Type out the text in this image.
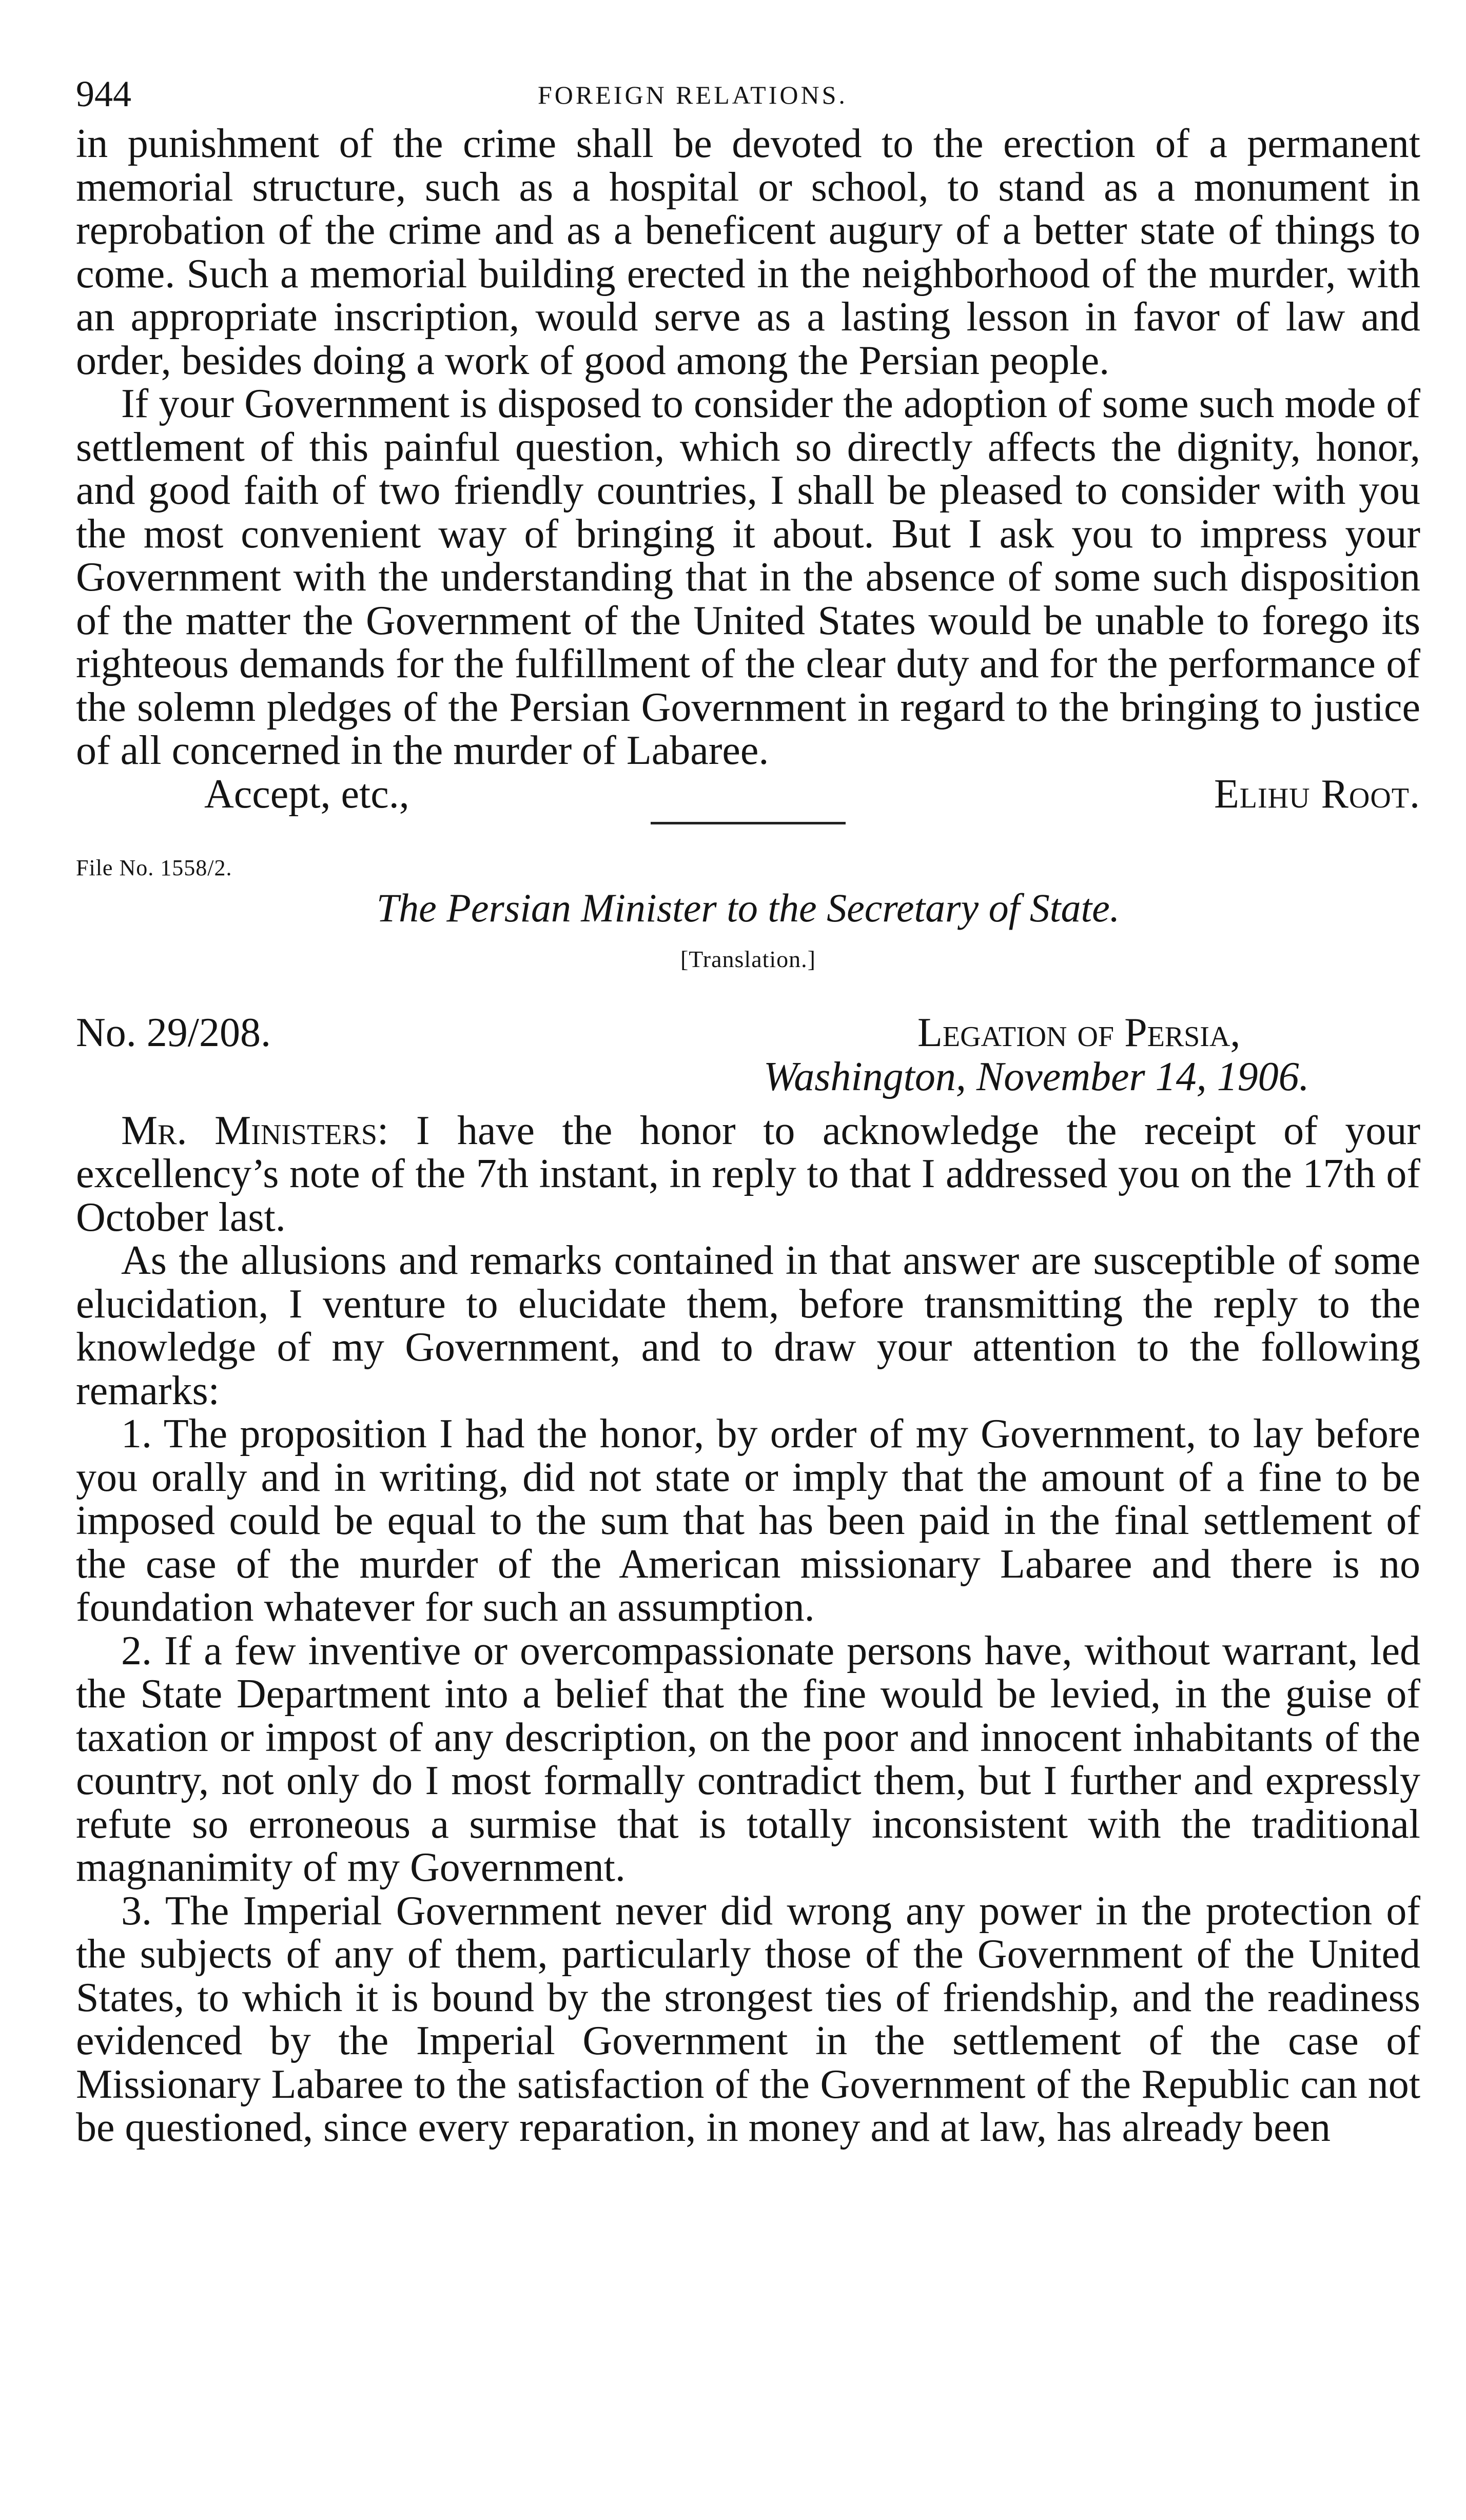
944	FOREIGN RELATIONS.

in punishment of the crime shall be devoted to the erection of a permanent memorial structure, such as a hospital or school, to stand as a monument in reprobation of the crime and as a beneficent augury of a better state of things to come. Such a memorial building erected in the neighborhood of the murder, with an appropriate inscription, would serve as a lasting lesson in favor of law and order, besides doing a work of good among the Persian people.

If your Government is disposed to consider the adoption of some such mode of settlement of this painful question, which so directly affects the dignity, honor, and good faith of two friendly countries, I shall be pleased to consider with you the most convenient way of bringing it about. But I ask you to impress your Government with the understanding that in the absence of some such disposition of the matter the Government of the United States would be unable to forego its righteous demands for the fulfillment of the clear duty and for the performance of the solemn pledges of the Persian Government in regard to the bringing to justice of all concerned in the murder of Labaree.

Accept, etc.,	Elihu Root.
File No. 1558/2.
The Persian Minister to the Secretary of State.
[Translation.]
No. 29/208.	Legation of Persia,
Washington, November 14, 1906.

Mr. Ministers: I have the honor to acknowledge the receipt of your excellency’s note of the 7th instant, in reply to that I addressed you on the 17th of October last.

As the allusions and remarks contained in that answer are susceptible of some elucidation, I venture to elucidate them, before transmitting the reply to the knowledge of my Government, and to draw your attention to the following remarks:

1. The proposition I had the honor, by order of my Government, to lay before you orally and in writing, did not state or imply that the amount of a fine to be imposed could be equal to the sum that has been paid in the final settlement of the case of the murder of the American missionary Labaree and there is no foundation whatever for such an assumption.

2. If a few inventive or overcompassionate persons have, without warrant, led the State Department into a belief that the fine would be levied, in the guise of taxation or impost of any description, on the poor and innocent inhabitants of the country, not only do I most formally contradict them, but I further and expressly refute so erroneous a surmise that is totally inconsistent with the traditional magnanimity of my Government.

3. The Imperial Government never did wrong any power in the protection of the subjects of any of them, particularly those of the Government of the United States, to which it is bound by the strongest ties of friendship, and the readiness evidenced by the Imperial Government in the settlement of the case of Missionary Labaree to the satisfaction of the Government of the Republic can not be questioned, since every reparation, in money and at law, has already been
